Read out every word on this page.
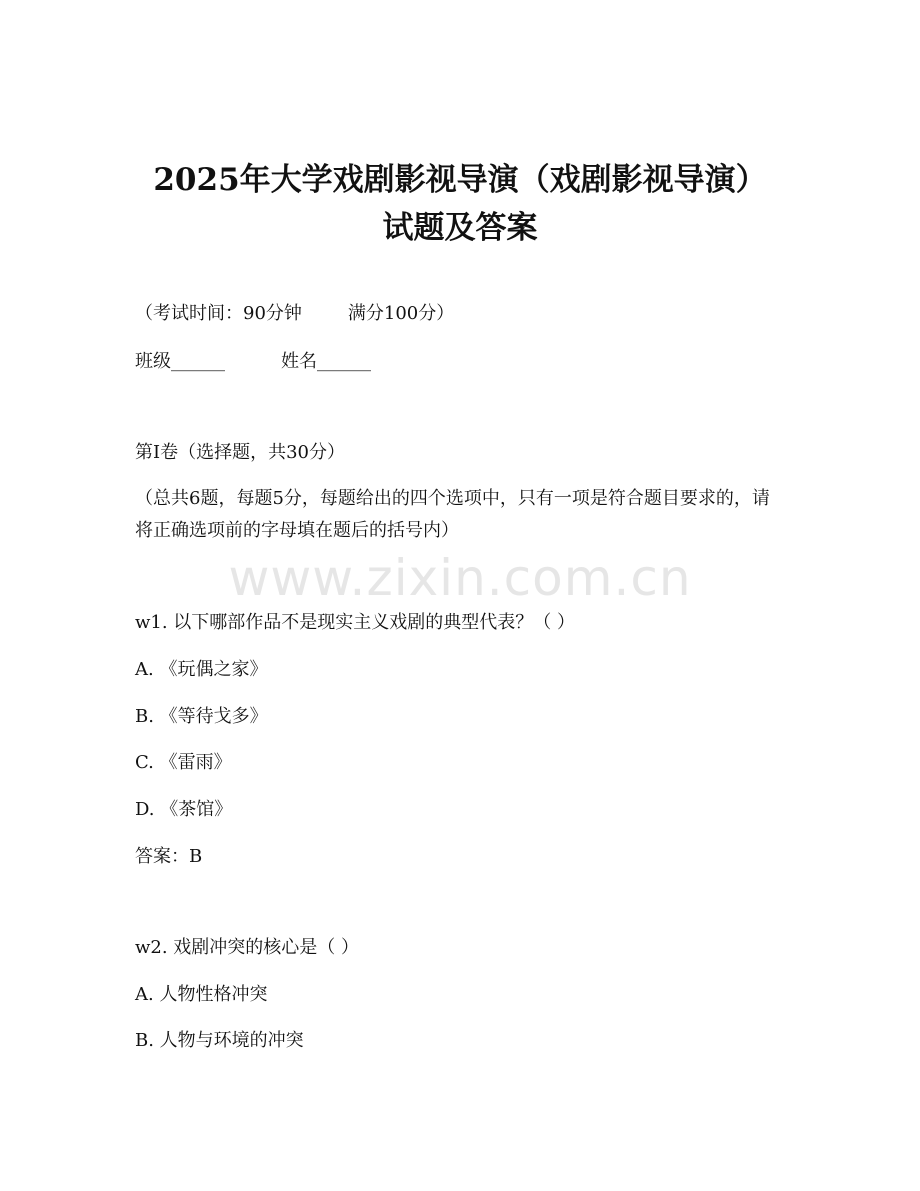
2025年大学戏剧影视导演（戏剧影视导演）
试题及答案
（考试时间：90分钟	满分100分）
班级______	姓名______
第I卷（选择题，共30分）
（总共6题，每题5分，每题给出的四个选项中，只有一项是符合题目要求的，请将正确选项前的字母填在题后的括号内）
www.zixin.com.cn
w1. 以下哪部作品不是现实主义戏剧的典型代表？（ ）
A. 《玩偶之家》
B. 《等待戈多》
C. 《雷雨》
D. 《茶馆》
答案：B
w2. 戏剧冲突的核心是（ ）
A. 人物性格冲突
B. 人物与环境的冲突
